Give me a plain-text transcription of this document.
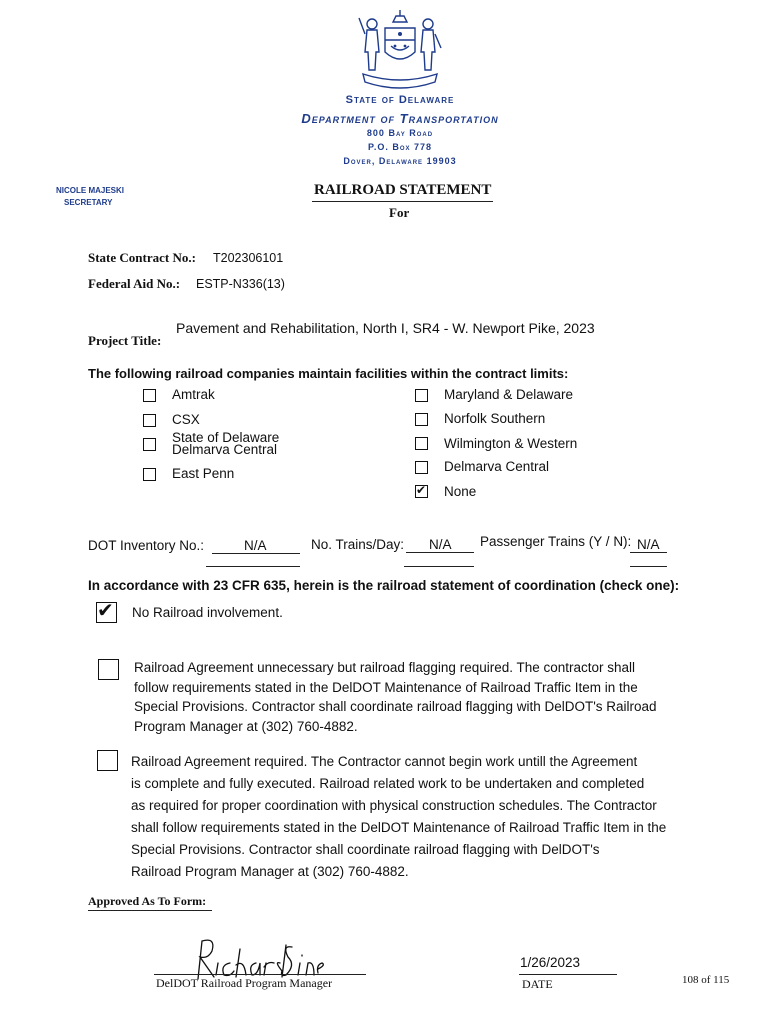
State of Delaware
Department of Transportation
800 Bay Road
P.O. Box 778
Dover, Delaware 19903
NICOLE MAJESKI
SECRETARY
RAILROAD STATEMENT
For
State Contract No.: T202306101
Federal Aid No.: ESTP-N336(13)
Project Title:
Pavement and Rehabilitation, North I, SR4 - W. Newport Pike, 2023
The following railroad companies maintain facilities within the contract limits:
Amtrak
CSX
State of Delaware
Delmarva Central
East Penn
Maryland & Delaware
Norfolk Southern
Wilmington & Western
Delmarva Central
✔ None
DOT Inventory No.:	N/A	No. Trains/Day: N/A Passenger Trains (Y / N): N/A
In accordance with 23 CFR 635, herein is the railroad statement of coordination (check one):
✔ No Railroad involvement.
Railroad Agreement unnecessary but railroad flagging required. The contractor shall
follow requirements stated in the DelDOT Maintenance of Railroad Traffic Item in the
Special Provisions. Contractor shall coordinate railroad flagging with DelDOT's Railroad
Program Manager at (302) 760-4882.
Railroad Agreement required. The Contractor cannot begin work untill the Agreement
is complete and fully executed. Railroad related work to be undertaken and completed
as required for proper coordination with physical construction schedules. The Contractor
shall follow requirements stated in the DelDOT Maintenance of Railroad Traffic Item in the
Special Provisions. Contractor shall coordinate railroad flagging with DelDOT's
Railroad Program Manager at (302) 760-4882.
Approved As To Form:
DelDOT Railroad Program Manager
1/26/2023
DATE	108 of 115
